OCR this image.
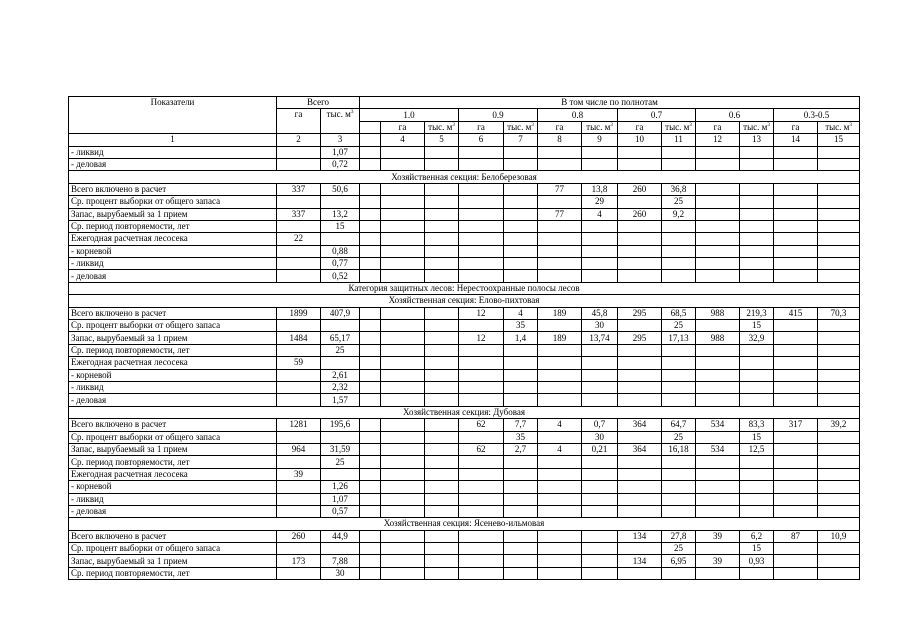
Показатели	Всего		В том числе по полнотам												
	га	тыс. $м^3$	1.0			0.9		0.8		0.7		0.6		0.3-0.5	
				га	тыс. $м^3$	га	тыс. $м^3$	га	тыс. $м^3$	га	тыс. $м^3$	га	тыс. $м^3$	га	тыс. $м^3$
1	2	3		4	5	6	7	8	9	10	11	12	13	14	15
- ликвид		1,07													
- деловая		0,72													
Хозяйственная секция: Белоберезовая															
Всего включено в расчет	337	50,6						77	13,8	260	36,8				
Ср. процент выборки от общего запаса									29		25				
Запас, вырубаемый за 1 прием	337	13,2						77	4	260	9,2				
Ср. период повторяемости, лет		15													
Ежегодная расчетная лесосека	22														
- корневой		0,88													
- ликвид		0,77													
- деловая		0,52													
Категория защитных лесов: Нерестоохранные полосы лесов															
Хозяйственная секция: Елово-пихтовая															
Всего включено в расчет	1899	407,9				12	4	189	45,8	295	68,5	988	219,3	415	70,3
Ср. процент выборки от общего запаса							35		30		25		15		
Запас, вырубаемый за 1 прием	1484	65,17				12	1,4	189	13,74	295	17,13	988	32,9		
Ср. период повторяемости, лет		25													
Ежегодная расчетная лесосека	59														
- корневой		2,61													
- ликвид		2,32													
- деловая		1,57													
Хозяйственная секция: Дубовая															
Всего включено в расчет	1281	195,6				62	7,7	4	0,7	364	64,7	534	83,3	317	39,2
Ср. процент выборки от общего запаса							35		30		25		15		
Запас, вырубаемый за 1 прием	964	31,59				62	2,7	4	0,21	364	16,18	534	12,5		
Ср. период повторяемости, лет		25													
Ежегодная расчетная лесосека	39														
- корневой		1,26													
- ликвид		1,07													
- деловая		0,57													
Хозяйственная секция: Ясенево-ильмовая															
Всего включено в расчет	260	44,9								134	27,8	39	6,2	87	10,9
Ср. процент выборки от общего запаса											25		15		
Запас, вырубаемый за 1 прием	173	7,88								134	6,95	39	0,93		
Ср. период повторяемости, лет		30													
